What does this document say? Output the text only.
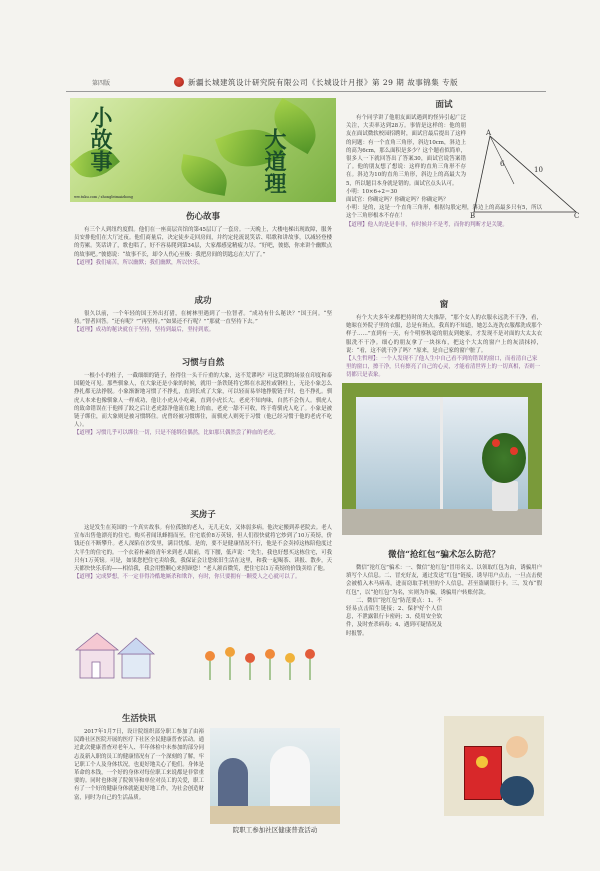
第四版	新疆长城建筑设计研究院有限公司《长城设计月报》第 29 期 故事锦集 专版
小故事	大道理
ww.tuku.com / zhongleimaizhong
伤心故事

有三个人到纽约度假。他们在一座高层宾馆的第45层订了一套房。一天晚上，大楼电梯出现故障，服务员安排他们在大厅过夜。他们商量后，决定徒步走回房间，并约定轮流说笑话、唱歌和讲故事，以减轻登楼的劳累。笑话讲了，歌也唱了，好不容易爬到第34层，大家都感觉精疲力尽。“好吧，彼德，你来讲个幽默点的故事吧。”彼德说：“故事不长，却令人伤心至极：我把房间的钥匙忘在大厅了。”

【道理】我们痛苦，所以幽默；我们幽默，所以快乐。

成功

很久以前，一个年轻的国王外出打猎，在树林里遇到了一位智者。“成功有什么秘诀？”国王问。“坚持。”智者回答。“还有呢？”“再坚持。”“如果还不行呢？”“那就一直坚持下去。”

【道理】成功的秘诀就在于坚持，坚持到最后，坚持到底。

习惯与自然

一根小小的柱子，一截细细的链子，拴得住一头千斤重的大象，这不荒谬吗？可这荒谬的场景在印度和泰国随处可见。那些驯象人，在大象还是小象的时候，就用一条铁链将它绑在水泥柱或钢柱上，无论小象怎么挣扎都无法挣脱。小象渐渐地习惯了不挣扎，直到长成了大象，可以轻而易举地挣脱链子时，也不挣扎。驯虎人本来也像驯象人一样成功，他让小虎从小吃素，直到小虎长大。老虎不知肉味，自然不会伤人。驯虎人的致命错误在于他摔了跤之后让老虎舔净他流在地上的血，老虎一舔不可收，终于将驯虎人吃了。小象是被链子绑住，而大象则是被习惯绑住。虎曾经被习惯绑住，而驯虎人则死于习惯（他已经习惯于他的老虎不吃人）。

【道理】习惯几乎可以绑住一切，只是不能绑住偶然，比如那只偶然尝了鲜血的老虎。

买房子

这是发生在英国的一个真实故事。有位孤独的老人，无儿无女，又体弱多病。他决定搬到养老院去。老人宣布出售他漂亮的住宅。购买者闻讯蜂拥而至，住宅底价8万英镑，但人们很快就将它炒到了10万英镑，价钱还在不断攀升。老人深陷在沙发里，满目忧郁。是的，要不是健康情况不行，他是不会卖掉这栋陪他度过大半生的住宅的。一个衣着朴素的青年来到老人眼前，弯下腰，低声说：“先生，我也好想买这栋住宅，可我只有1万英镑。可是，如果您把住宅卖给我，我保证会让您依旧生活在这里，和我一起喝茶、读报、散步，天天都快快乐乐的——相信我，我会用整颗心来照顾您！”老人颔首微笑，把住宅以1万英镑的价钱卖给了他。

【道理】完成梦想，不一定非得冷酷地厮杀和欺诈，有时，你只要拥有一颗爱人之心就可以了。

生活快讯

2017年1月7日，设计院组织部分职工参加了由裕民路社区医院开展的医疗下社区全民健康普查活动。通过此次健康普查对老年人、半年体检中未参加的部分同志及新入职的员工的健康情况有了一个深刻的了解，牢记职工个人及身体状况，也更好地关心了他们。身体是革命的本钱，一个好的身体对每位职工来说都是非常重要的。同时也体现了院领导和单位对员工的关爱，职工有了一个好的健康身体就能更好地工作，为社会创造财富，同时为自己的生活品质。

院职工参加社区健康普查活动
面试

有个同学讲了他朋友面试遇到的怪异引起广泛关注，大卖率达到28万。事情是这样的：他的朋友在面试微软校园招聘时，面试官最后提出了这样的问题：有一个直角三角形，斜边10cm，斜边上的高为6cm，那么面积是多少？这个题看似简单，很多人一下就回答出了答案30，面试官说答案错了。他的朋友想了想说：这样的直角三角形不存在。斜边为10的直角三角形，斜边上的高最大为5，所以题目本身就是错的。面试官点头认可。

小明：10×6÷2＝30

面试官：你确定吗？你确定吗？你确定吗？

小明：是的，这是一个直角三角形，根据勾股定理，斜边上的高最多只有5，所以这个三角形根本不存在！

【道理】他人的是是非非，有时候并不是考，而你的判断才是关键。

A
B	C
10
6
窗

有个大夫多年来都把持时的大夫推辞，“那个女人的衣服永远洗不干净，看，她晾在外院子里的衣服，总是有斑点，我真的不知道，她怎么连洗衣服都洗成那个样子……”直到有一天，有个明察秋毫的朋友到她家，才发现不是对面的大太太衣服洗不干净。细心的朋友拿了一块抹布，把这个大太的窗户上的灰渍抹掉，说：“看，这不就干净了吗？”原来，是自己家的窗户脏了。

【人生哲理】：一个人发现不了他人生中自己看不到的错误的窗口，而看清自己家里的窗口，擦干净，只有擦亮了自己的心灵，才能看清世界上的一切真相，否则一切都只是表象。

微信“抢红包”骗术怎么防范？

微信“抢红包”骗术：一、微信“抢红包”冒用名义、以领取红包为由，诱骗用户填写个人信息。二、冒充好友，通过发送“红包”链接，诱导用户点击，一旦点击便会被植入木马病毒，进而窃取手机里的个人信息，甚至盗刷银行卡。三、发布“假红包”，以“抢红包”为名，实则为诈骗，诱骗用户转账付款。

二、微信“抢红包”防范要点：1、不轻易点击陌生链接；2、保护好个人信息，不泄露银行卡密码；3、使用安全软件，及时查杀病毒；4、遇到可疑情况及时报警。
